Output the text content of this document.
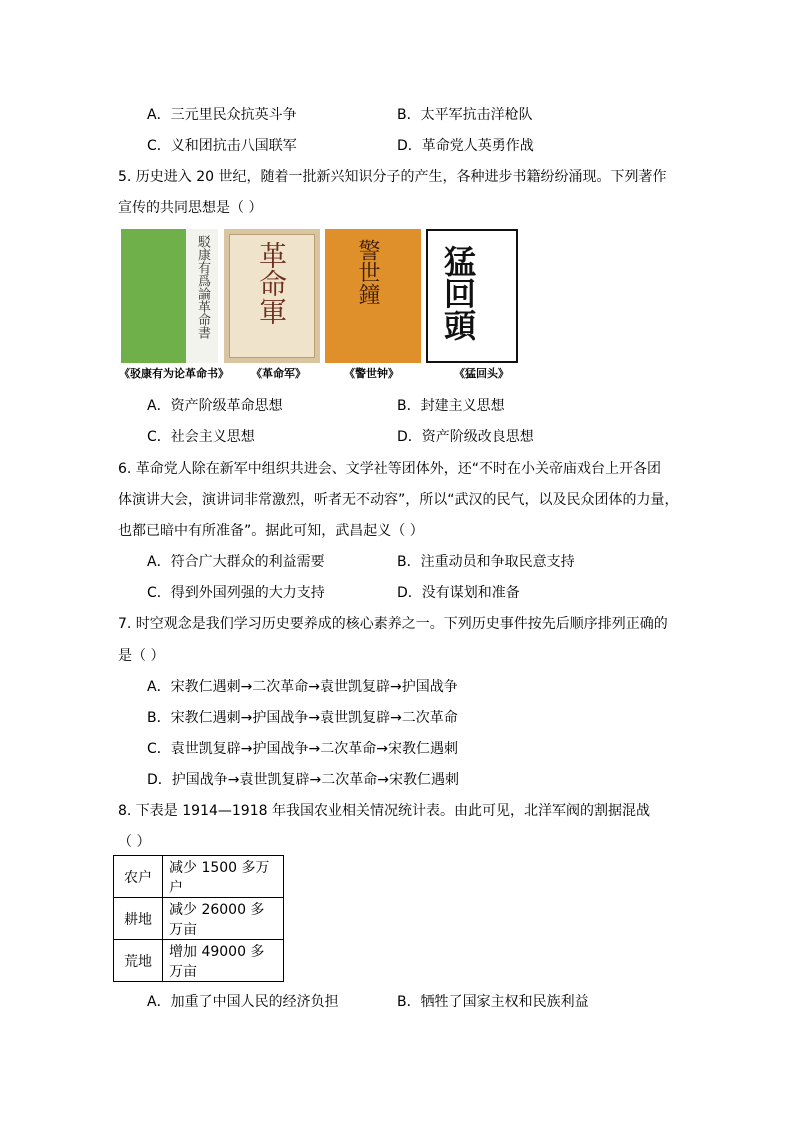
A．三元里民众抗英斗争	B．太平军抗击洋枪队
C．义和团抗击八国联军	D．革命党人英勇作战
5. 历史进入 20 世纪，随着一批新兴知识分子的产生，各种进步书籍纷纷涌现。下列著作
宣传的共同思想是（ ）
駁康有爲論革命書 革命軍	警世鐘 猛回頭
《驳康有为论革命书》 《革命军》	《警世钟》	《猛回头》
A．资产阶级革命思想	B．封建主义思想
C．社会主义思想	D．资产阶级改良思想
6. 革命党人除在新军中组织共进会、文学社等团体外，还“不时在小关帝庙戏台上开各团
体演讲大会，演讲词非常激烈，听者无不动容”，所以“武汉的民气，以及民众团体的力量，
也都已暗中有所准备”。据此可知，武昌起义（ ）
A．符合广大群众的利益需要	B．注重动员和争取民意支持
C．得到外国列强的大力支持	D．没有谋划和准备
7. 时空观念是我们学习历史要养成的核心素养之一。下列历史事件按先后顺序排列正确的
是（ ）
A．宋教仁遇刺→二次革命→袁世凯复辟→护国战争
B．宋教仁遇刺→护国战争→袁世凯复辟→二次革命
C．袁世凯复辟→护国战争→二次革命→宋教仁遇刺
D．护国战争→袁世凯复辟→二次革命→宋教仁遇刺
8. 下表是 1914—1918 年我国农业相关情况统计表。由此可见，北洋军阀的割据混战
（ ）
农户	减少 1500 多万户
耕地	减少 26000 多万亩
荒地	增加 49000 多万亩
A．加重了中国人民的经济负担	B．牺牲了国家主权和民族利益
